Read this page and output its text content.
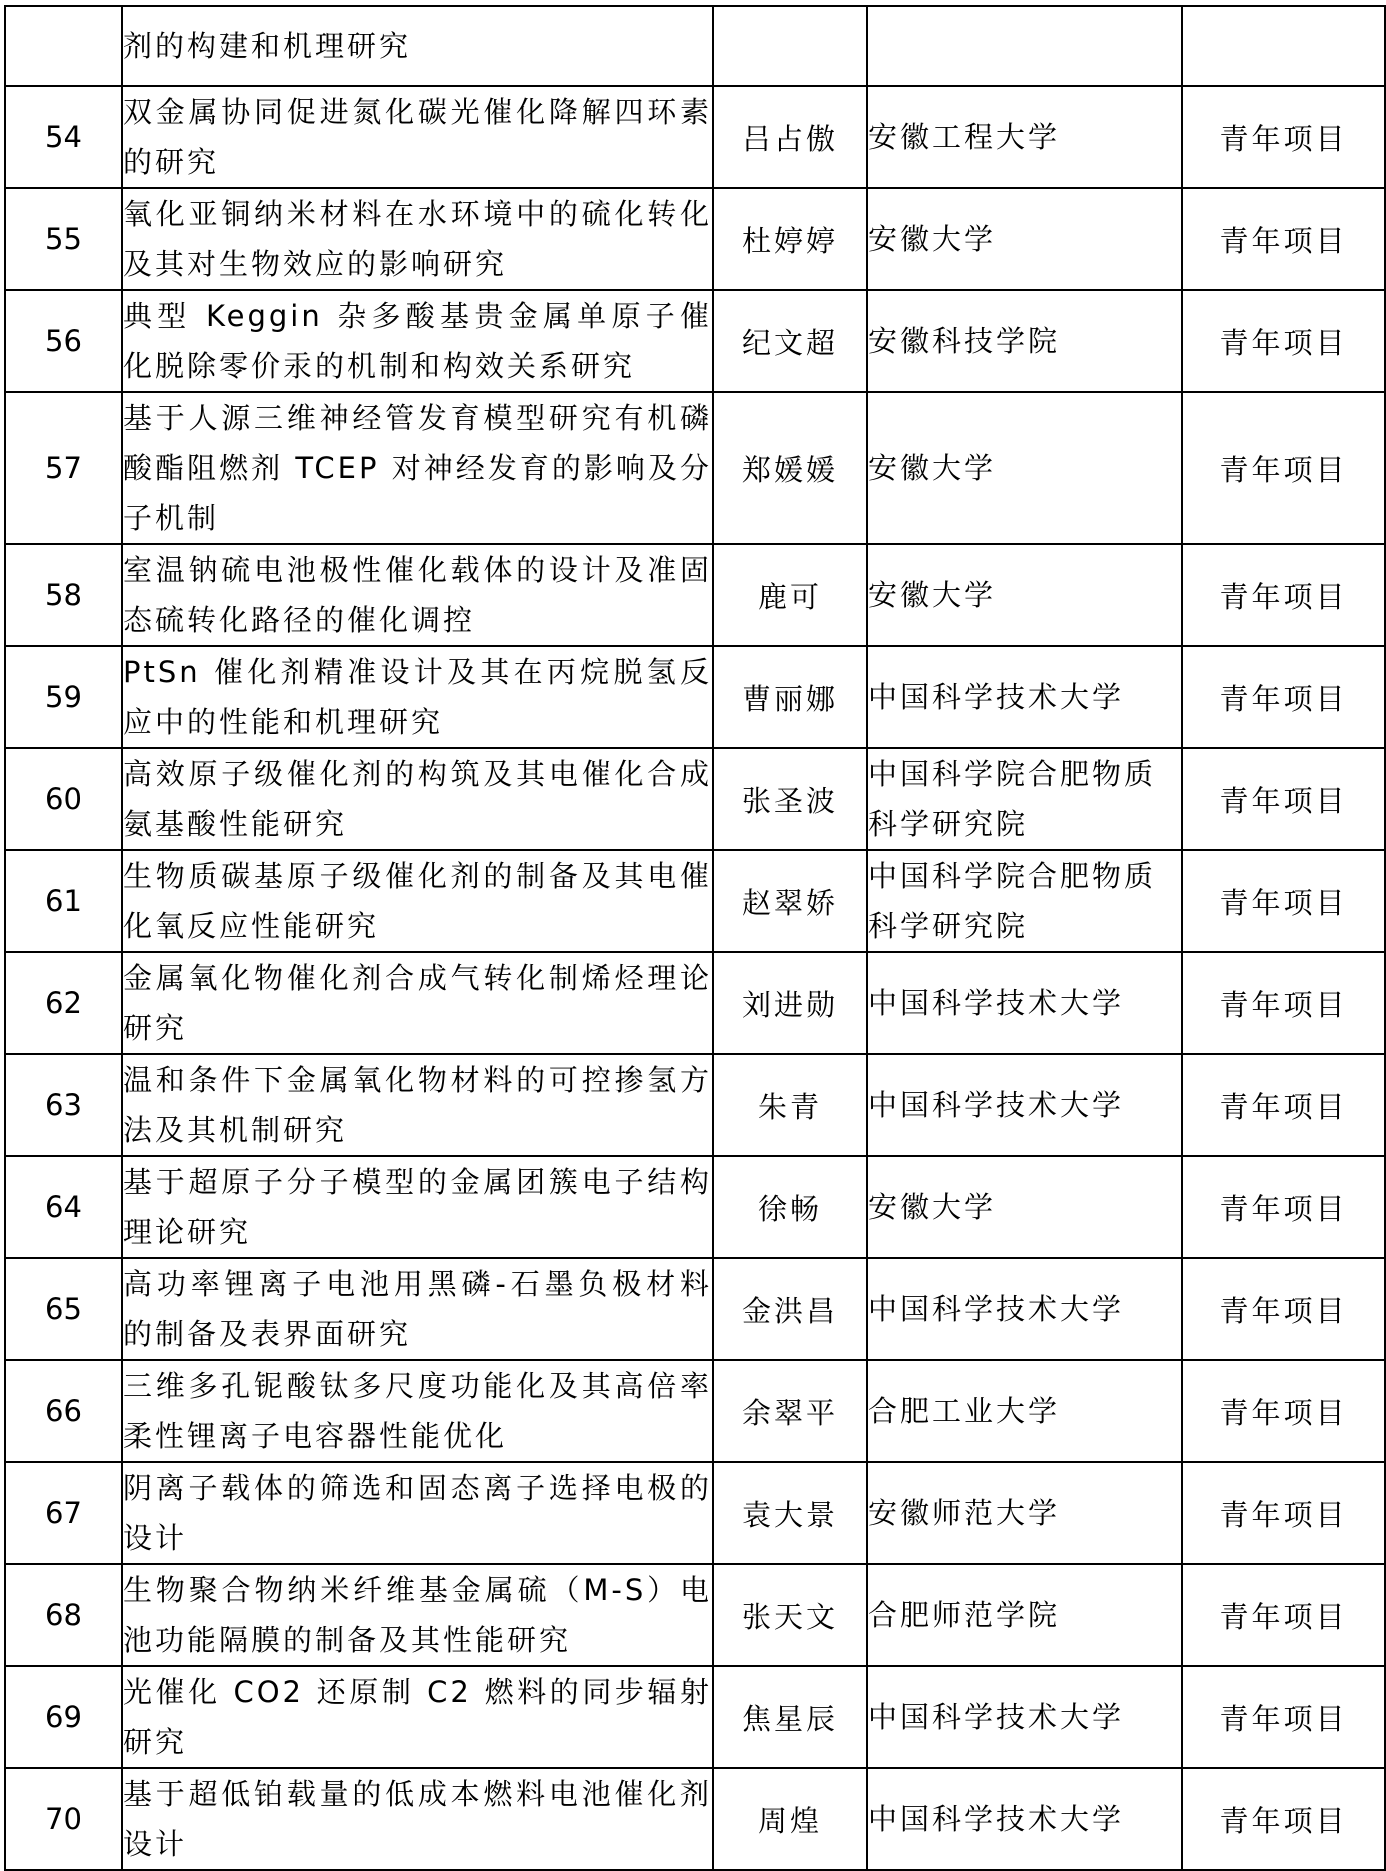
	剂的构建和机理研究			
54	双金属协同促进氮化碳光催化降解四环素的研究	吕占傲	安徽工程大学	青年项目
55	氧化亚铜纳米材料在水环境中的硫化转化及其对生物效应的影响研究	杜婷婷	安徽大学	青年项目
56	典型 Keggin 杂多酸基贵金属单原子催化脱除零价汞的机制和构效关系研究	纪文超	安徽科技学院	青年项目
57	基于人源三维神经管发育模型研究有机磷酸酯阻燃剂 TCEP 对神经发育的影响及分子机制	郑媛媛	安徽大学	青年项目
58	室温钠硫电池极性催化载体的设计及准固态硫转化路径的催化调控	鹿可	安徽大学	青年项目
59	PtSn 催化剂精准设计及其在丙烷脱氢反应中的性能和机理研究	曹丽娜	中国科学技术大学	青年项目
60	高效原子级催化剂的构筑及其电催化合成氨基酸性能研究	张圣波	中国科学院合肥物质科学研究院	青年项目
61	生物质碳基原子级催化剂的制备及其电催化氧反应性能研究	赵翠娇	中国科学院合肥物质科学研究院	青年项目
62	金属氧化物催化剂合成气转化制烯烃理论研究	刘进勋	中国科学技术大学	青年项目
63	温和条件下金属氧化物材料的可控掺氢方法及其机制研究	朱青	中国科学技术大学	青年项目
64	基于超原子分子模型的金属团簇电子结构理论研究	徐畅	安徽大学	青年项目
65	高功率锂离子电池用黑磷-石墨负极材料的制备及表界面研究	金洪昌	中国科学技术大学	青年项目
66	三维多孔铌酸钛多尺度功能化及其高倍率柔性锂离子电容器性能优化	余翠平	合肥工业大学	青年项目
67	阴离子载体的筛选和固态离子选择电极的设计	袁大景	安徽师范大学	青年项目
68	生物聚合物纳米纤维基金属硫（M-S）电池功能隔膜的制备及其性能研究	张天文	合肥师范学院	青年项目
69	光催化 CO2 还原制 C2 燃料的同步辐射研究	焦星辰	中国科学技术大学	青年项目
70	基于超低铂载量的低成本燃料电池催化剂设计	周煌	中国科学技术大学	青年项目
